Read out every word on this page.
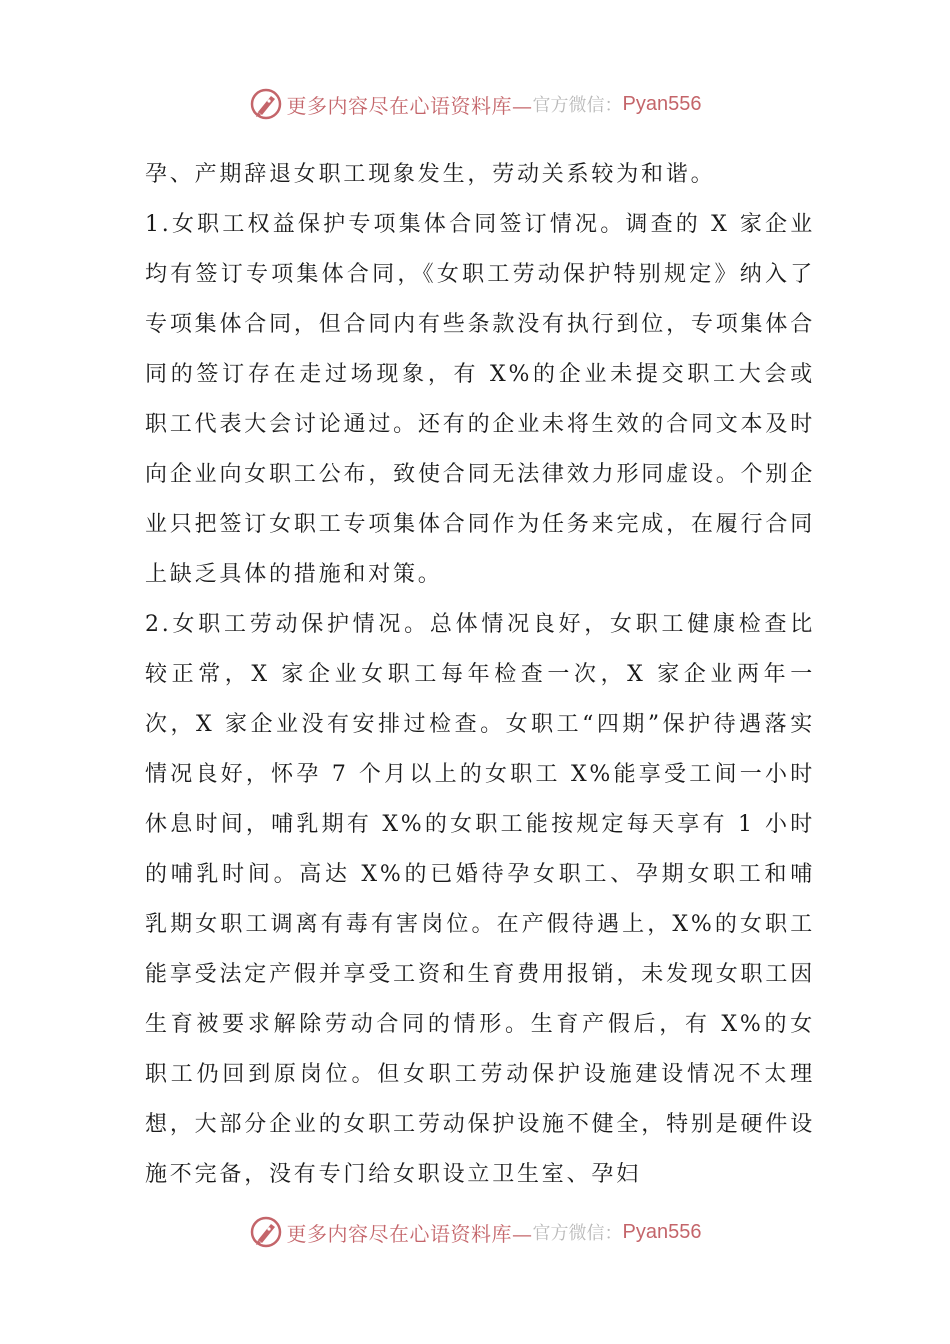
更多内容尽在心语资料库— 官方微信： Pyan556

孕、产期辞退女职工现象发生，劳动关系较为和谐。

1.女职工权益保护专项集体合同签订情况。调查的 X 家企业均有签订专项集体合同，《女职工劳动保护特别规定》纳入了专项集体合同，但合同内有些条款没有执行到位，专项集体合同的签订存在走过场现象，有 X%的企业未提交职工大会或职工代表大会讨论通过。还有的企业未将生效的合同文本及时向企业向女职工公布，致使合同无法律效力形同虚设。个别企业只把签订女职工专项集体合同作为任务来完成，在履行合同上缺乏具体的措施和对策。

2.女职工劳动保护情况。总体情况良好，女职工健康检查比较正常，X 家企业女职工每年检查一次，X 家企业两年一次，X 家企业没有安排过检查。女职工“四期”保护待遇落实情况良好，怀孕 7 个月以上的女职工 X%能享受工间一小时休息时间，哺乳期有 X%的女职工能按规定每天享有 1 小时的哺乳时间。高达 X%的已婚待孕女职工、孕期女职工和哺乳期女职工调离有毒有害岗位。在产假待遇上，X%的女职工能享受法定产假并享受工资和生育费用报销，未发现女职工因生育被要求解除劳动合同的情形。生育产假后，有 X%的女职工仍回到原岗位。但女职工劳动保护设施建设情况不太理想，大部分企业的女职工劳动保护设施不健全，特别是硬件设施不完备，没有专门给女职设立卫生室、孕妇

更多内容尽在心语资料库— 官方微信： Pyan556
